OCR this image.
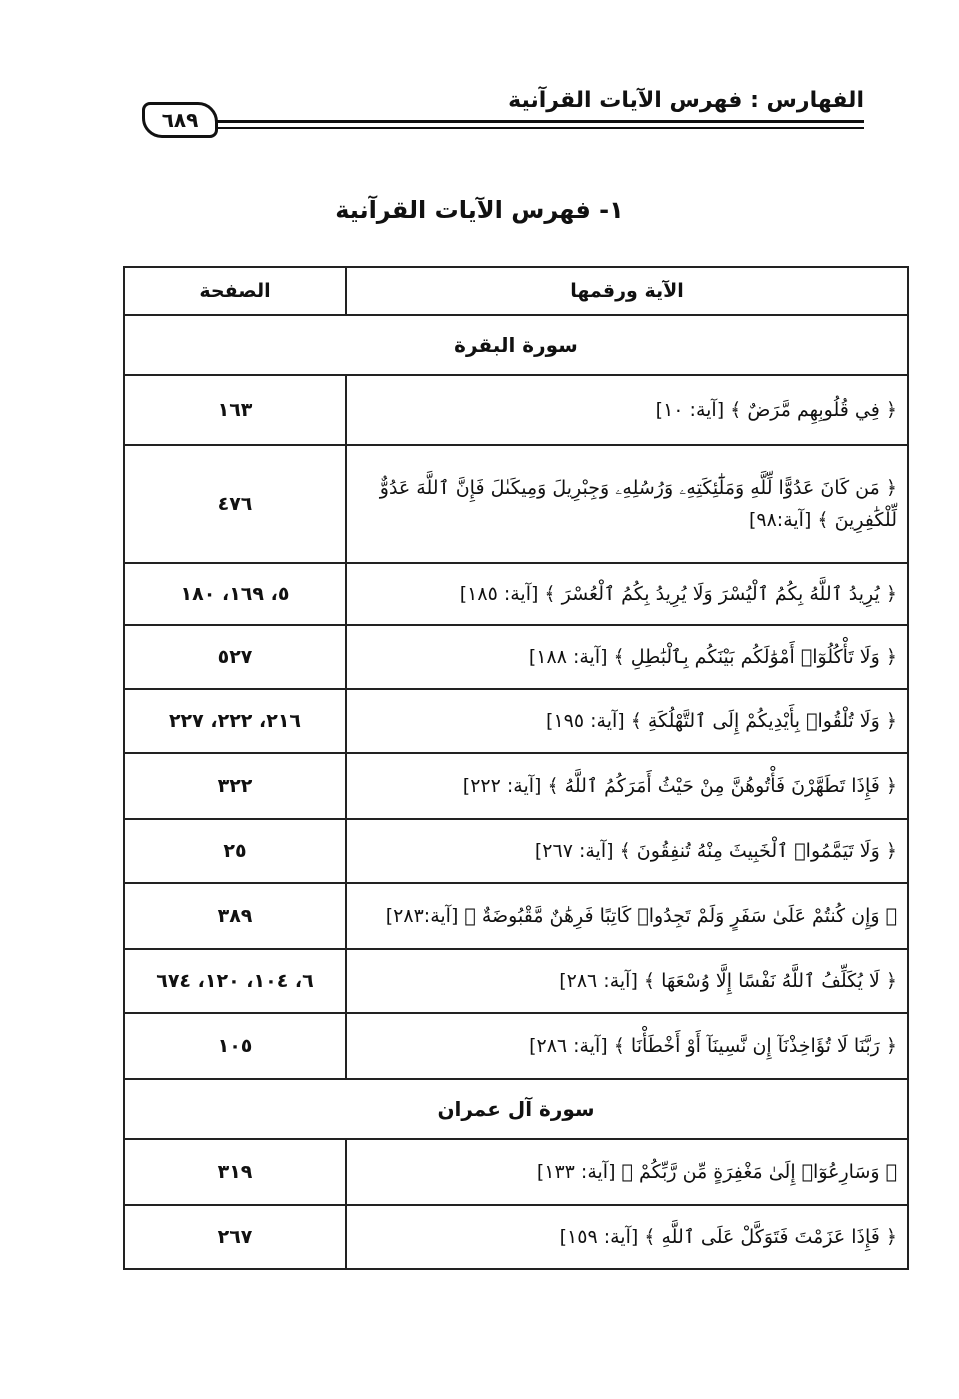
الفهارس : فهرس الآيات القرآنية
٦٨٩
١- فهرس الآيات القرآنية
الآية ورقمها	الصفحة
سورة البقرة	
﴿ فِي قُلُوبِهِم مَّرَضٌ ﴾ [آية: ١٠]	١٦٣
﴿ مَن كَانَ عَدُوًّا لِّلَّهِ وَمَلَٰٓئِكَتِهِۦ وَرُسُلِهِۦ وَجِبْرِيلَ وَمِيكَىٰلَ فَإِنَّ ٱللَّهَ عَدُوٌّ لِّلْكَٰفِرِينَ ﴾ [آية:٩٨]	٤٧٦
﴿ يُرِيدُ ٱللَّهُ بِكُمُ ٱلْيُسْرَ وَلَا يُرِيدُ بِكُمُ ٱلْعُسْرَ ﴾ [آية: ١٨٥]	٥، ١٦٩، ١٨٠
﴿ وَلَا تَأْكُلُوٓا۟ أَمْوَٰلَكُم بَيْنَكُم بِٱلْبَٰطِلِ ﴾ [آية: ١٨٨]	٥٢٧
﴿ وَلَا تُلْقُوا۟ بِأَيْدِيكُمْ إِلَى ٱلتَّهْلُكَةِ ﴾ [آية: ١٩٥]	٢١٦، ٢٢٢، ٢٢٧
﴿ فَإِذَا تَطَهَّرْنَ فَأْتُوهُنَّ مِنْ حَيْثُ أَمَرَكُمُ ٱللَّهُ ﴾ [آية: ٢٢٢]	٣٢٢
﴿ وَلَا تَيَمَّمُوا۟ ٱلْخَبِيثَ مِنْهُ تُنفِقُونَ ﴾ [آية: ٢٦٧]	٢٥
﴿ وَإِن كُنتُمْ عَلَىٰ سَفَرٍ وَلَمْ تَجِدُوا۟ كَاتِبًا فَرِهَٰنٌ مَّقْبُوضَةٌ ﴾ [آية:٢٨٣]	٣٨٩
﴿ لَا يُكَلِّفُ ٱللَّهُ نَفْسًا إِلَّا وُسْعَهَا ﴾ [آية: ٢٨٦]	٦، ١٠٤، ١٢٠، ٦٧٤
﴿ رَبَّنَا لَا تُؤَاخِذْنَآ إِن نَّسِينَآ أَوْ أَخْطَأْنَا ﴾ [آية: ٢٨٦]	١٠٥
سورة آل عمران	
﴿ وَسَارِعُوٓا۟ إِلَىٰ مَغْفِرَةٍ مِّن رَّبِّكُمْ ﴾ [آية: ١٣٣]	٣١٩
﴿ فَإِذَا عَزَمْتَ فَتَوَكَّلْ عَلَى ٱللَّهِ ﴾ [آية: ١٥٩]	٢٦٧
